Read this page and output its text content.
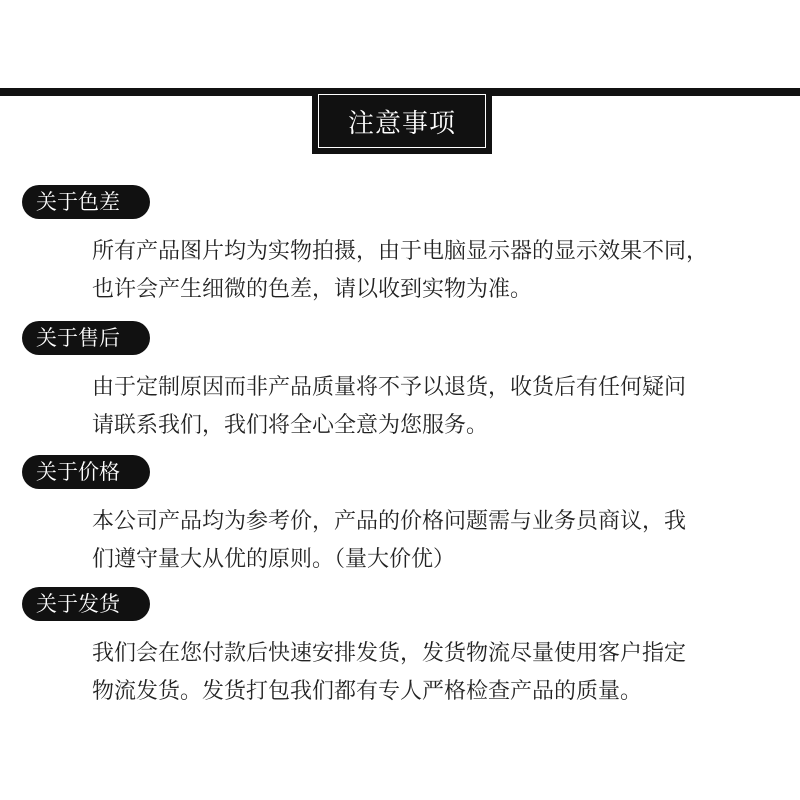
注意事项
关于色差

所有产品图片均为实物拍摄，由于电脑显示器的显示效果不同，

也许会产生细微的色差，请以收到实物为准。

关于售后

由于定制原因而非产品质量将不予以退货，收货后有任何疑问

请联系我们，我们将全心全意为您服务。

关于价格

本公司产品均为参考价，产品的价格问题需与业务员商议，我

们遵守量大从优的原则。（量大价优）

关于发货

我们会在您付款后快速安排发货，发货物流尽量使用客户指定

物流发货。发货打包我们都有专人严格检查产品的质量。
